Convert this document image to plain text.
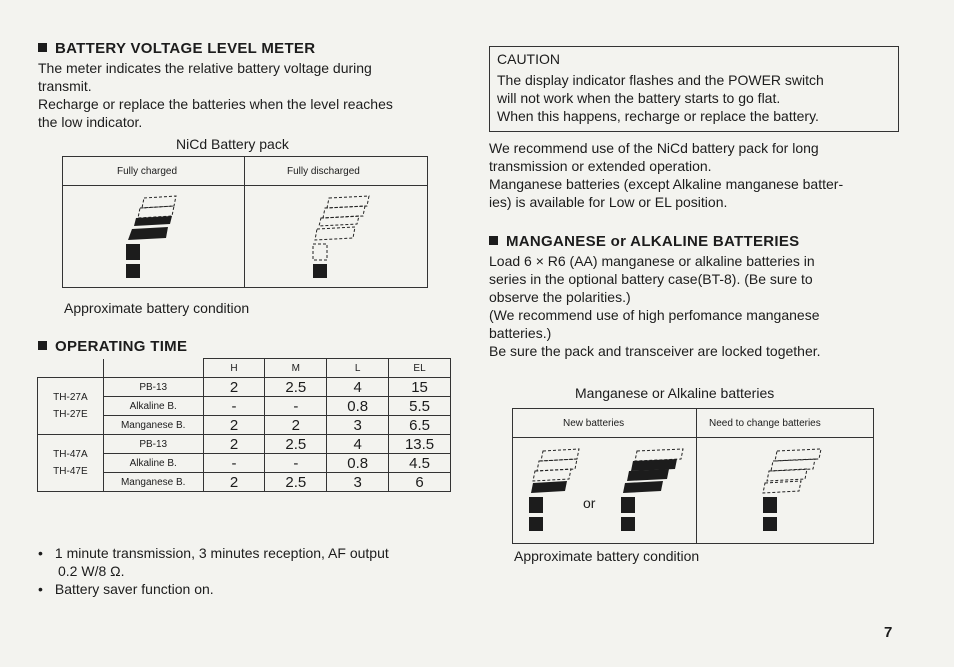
BATTERY VOLTAGE LEVEL METER
The meter indicates the relative battery voltage during
transmit.
Recharge or replace the batteries when the level reaches
the low indicator.
NiCd Battery pack
Fully charged	Fully discharged
Approximate battery condition
OPERATING TIME
		H	M	L	EL

TH-27A
TH-27E	PB-13	2	2.5	4	15
	Alkaline B.	-	-	0.8	5.5
	Manganese B.	2	2	3	6.5

TH-47A
TH-47E	PB-13	2	2.5	4	13.5
	Alkaline B.	-	-	0.8	4.5
	Manganese B.	2	2.5	3	6
• 1 minute transmission, 3 minutes reception, AF output
0.2 W/8 Ω.
• Battery saver function on.
CAUTION
The display indicator flashes and the POWER switch
will not work when the battery starts to go flat.
When this happens, recharge or replace the battery.
We recommend use of the NiCd battery pack for long
transmission or extended operation.
Manganese batteries (except Alkaline manganese batter-
ies) is available for Low or EL position.
MANGANESE or ALKALINE BATTERIES
Load 6 × R6 (AA) manganese or alkaline batteries in
series in the optional battery case(BT-8). (Be sure to
observe the polarities.)
(We recommend use of high perfomance manganese
batteries.)
Be sure the pack and transceiver are locked together.
Manganese or Alkaline batteries
New batteries	Need to change batteries
or
Approximate battery condition
7
